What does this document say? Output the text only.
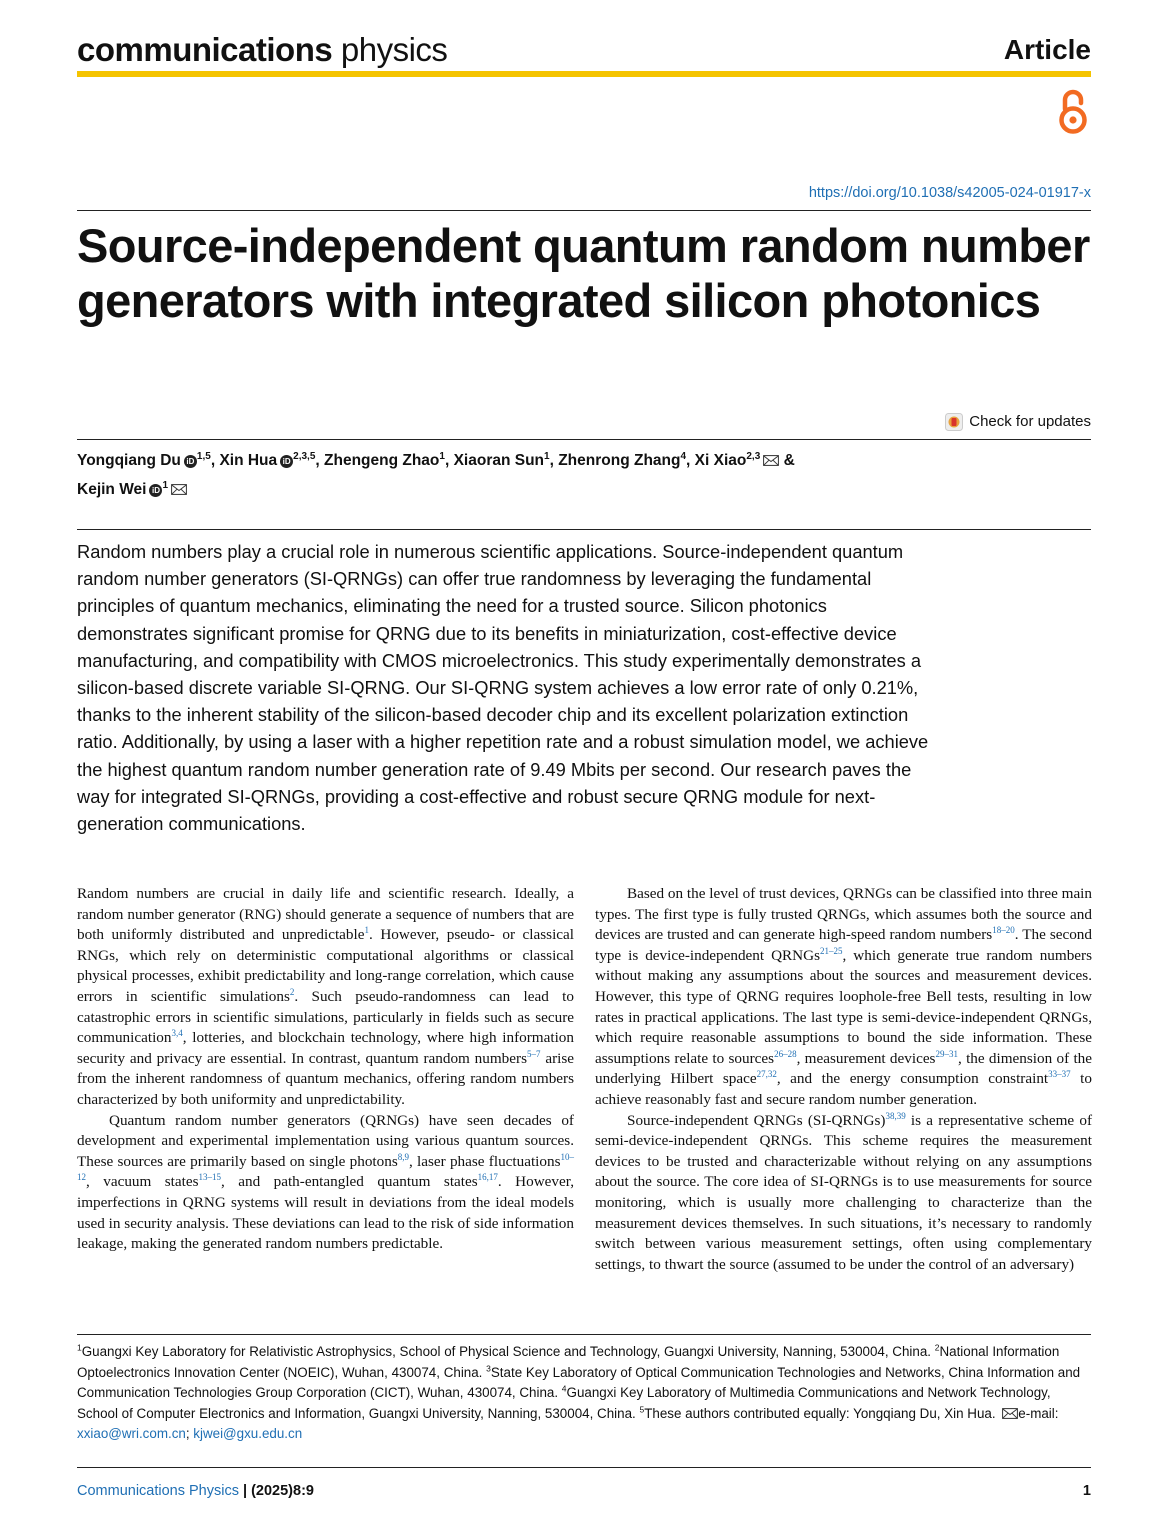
communications physics	Article
https://doi.org/10.1038/s42005-024-01917-x
Source-independent quantum random number generators with integrated silicon photonics
Check for updates
Yongqiang Du iD $^{1,5}$, Xin Hua iD $^{2,3,5}$, Zhengeng Zhao$^1$, Xiaoran Sun$^1$, Zhenrong Zhang$^4$, Xi Xiao$^{2,3}$ &
Kejin Wei iD $^1$

Random numbers play a crucial role in numerous scientific applications. Source-independent quantum random number generators (SI-QRNGs) can offer true randomness by leveraging the fundamental principles of quantum mechanics, eliminating the need for a trusted source. Silicon photonics demonstrates significant promise for QRNG due to its benefits in miniaturization, cost-effective device manufacturing, and compatibility with CMOS microelectronics. This study experimentally demonstrates a silicon-based discrete variable SI-QRNG. Our SI-QRNG system achieves a low error rate of only 0.21%, thanks to the inherent stability of the silicon-based decoder chip and its excellent polarization extinction ratio. Additionally, by using a laser with a higher repetition rate and a robust simulation model, we achieve the highest quantum random number generation rate of 9.49 Mbits per second. Our research paves the way for integrated SI-QRNGs, providing a cost-effective and robust secure QRNG module for next-generation communications.

Random numbers are crucial in daily life and scientific research. Ideally, a random number generator (RNG) should generate a sequence of numbers that are both uniformly distributed and unpredictable$^1$. However, pseudo- or classical RNGs, which rely on deterministic computational algorithms or classical physical processes, exhibit predictability and long-range correlation, which cause errors in scientific simulations$^2$. Such pseudo-randomness can lead to catastrophic errors in scientific simulations, particularly in fields such as secure communication$^{3,4}$, lotteries, and blockchain technology, where high information security and privacy are essential. In contrast, quantum random numbers$^{5-7}$ arise from the inherent randomness of quantum mechanics, offering random numbers characterized by both uniformity and unpredictability.

Quantum random number generators (QRNGs) have seen decades of development and experimental implementation using various quantum sources. These sources are primarily based on single photons$^{8,9}$, laser phase fluctuations$^{10-12}$, vacuum states$^{13-15}$, and path-entangled quantum states$^{16,17}$. However, imperfections in QRNG systems will result in deviations from the ideal models used in security analysis. These deviations can lead to the risk of side information leakage, making the generated random numbers predictable.

Based on the level of trust devices, QRNGs can be classified into three main types. The first type is fully trusted QRNGs, which assumes both the source and devices are trusted and can generate high-speed random numbers$^{18-20}$. The second type is device-independent QRNGs$^{21-25}$, which generate true random numbers without making any assumptions about the sources and measurement devices. However, this type of QRNG requires loophole-free Bell tests, resulting in low rates in practical applications. The last type is semi-device-independent QRNGs, which require reasonable assumptions to bound the side information. These assumptions relate to sources$^{26-28}$, measurement devices$^{29-31}$, the dimension of the underlying Hilbert space$^{27,32}$, and the energy consumption constraint$^{33-37}$ to achieve reasonably fast and secure random number generation.

Source-independent QRNGs (SI-QRNGs)$^{38,39}$ is a representative scheme of semi-device-independent QRNGs. This scheme requires the measurement devices to be trusted and characterizable without relying on any assumptions about the source. The core idea of SI-QRNGs is to use measurements for source monitoring, which is usually more challenging to characterize than the measurement devices themselves. In such situations, it’s necessary to randomly switch between various measurement settings, often using complementary settings, to thwart the source (assumed to be under the control of an adversary)

$^1$Guangxi Key Laboratory for Relativistic Astrophysics, School of Physical Science and Technology, Guangxi University, Nanning, 530004, China. $^2$National Information Optoelectronics Innovation Center (NOEIC), Wuhan, 430074, China. $^3$State Key Laboratory of Optical Communication Technologies and Networks, China Information and Communication Technologies Group Corporation (CICT), Wuhan, 430074, China. $^4$Guangxi Key Laboratory of Multimedia Communications and Network Technology, School of Computer Electronics and Information, Guangxi University, Nanning, 530004, China. $^5$These authors contributed equally: Yongqiang Du, Xin Hua. e-mail: xxiao@wri.com.cn; kjwei@gxu.edu.cn

Communications Physics | (2025)8:9	1
